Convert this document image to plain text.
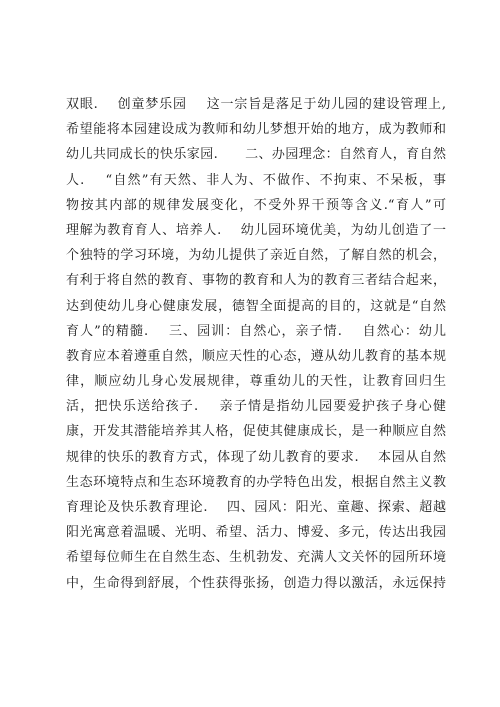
双眼.    创童梦乐园    这一宗旨是落足于幼儿园的建设管理上,
希望能将本园建设成为教师和幼儿梦想开始的地方，成为教师和
幼儿共同成长的快乐家园.      二、办园理念：自然育人，育自然
人.    “自然”有天然、非人为、不做作、不拘束、不呆板，事
物按其内部的规律发展变化，不受外界干预等含义.“育人”可
理解为教育育人、培养人.    幼儿园环境优美，为幼儿创造了一
个独特的学习环境，为幼儿提供了亲近自然，了解自然的机会，
有利于将自然的教育、事物的教育和人为的教育三者结合起来，
达到使幼儿身心健康发展，德智全面提高的目的，这就是“自然
育人”的精髓.    三、园训：自然心，亲子情.    自然心：幼儿
教育应本着遵重自然，顺应天性的心态，遵从幼儿教育的基本规
律，顺应幼儿身心发展规律，尊重幼儿的天性，让教育回归生
活，把快乐送给孩子.    亲子情是指幼儿园要爱护孩子身心健
康，开发其潜能培养其人格，促使其健康成长，是一种顺应自然
规律的快乐的教育方式，体现了幼儿教育的要求.    本园从自然
生态环境特点和生态环境教育的办学特色出发，根据自然主义教
育理论及快乐教育理论.    四、园风：阳光、童趣、探索、超越
阳光寓意着温暖、光明、希望、活力、博爱、多元，传达出我园
希望每位师生在自然生态、生机勃发、充满人文关怀的园所环境
中，生命得到舒展，个性获得张扬，创造力得以激活，永远保持
